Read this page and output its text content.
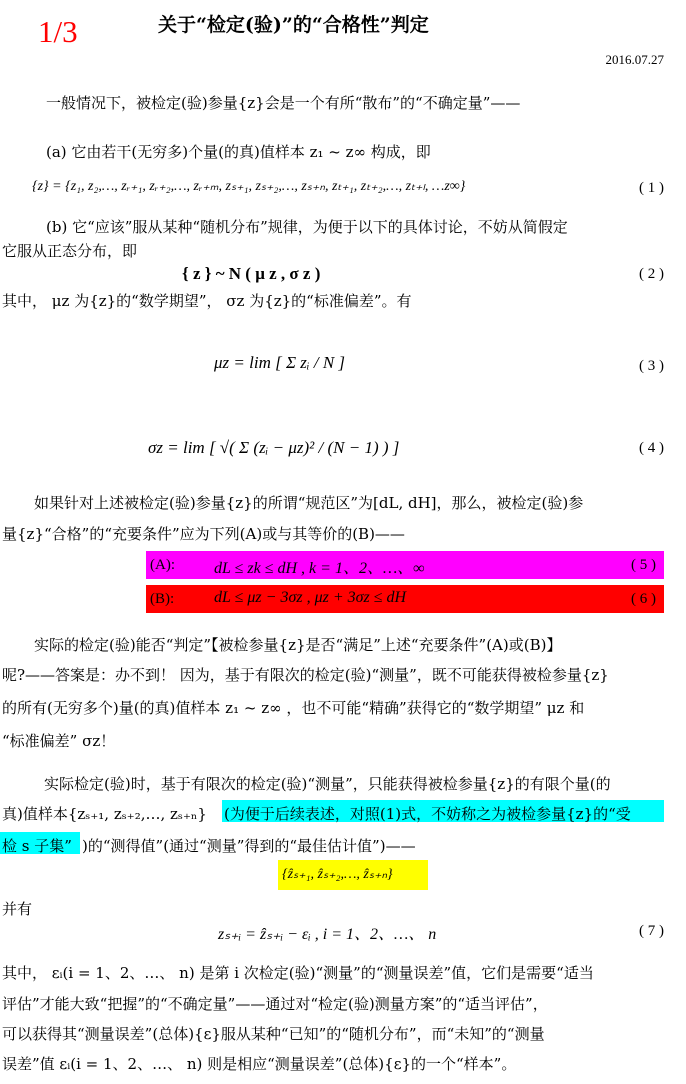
1/3	关于“检定(验)”的“合格性”判定
2016.07.27
一般情况下，被检定(验)参量{z}会是一个有所“散布”的“不确定量”——
(a) 它由若干(无穷多)个量(的真)值样本 z₁ ~ z∞ 构成，即
{z} = {z₁, z₂,…, zᵣ₊₁, zᵣ₊₂,…, zᵣ₊ₘ, zₛ₊₁, zₛ₊₂,…, zₛ₊ₙ, zₜ₊₁, zₜ₊₂,…, zₜ₊ₗ, …z∞}	( 1 )
(b) 它“应该”服从某种“随机分布”规律，为便于以下的具体讨论，不妨从简假定
它服从正态分布，即
{ z } ~ N ( μ z , σ z )	( 2 )
其中， μz 为{z}的“数学期望”， σz 为{z}的“标准偏差”。有
μz = lim [ Σ zᵢ / N ]	( 3 )
σz = lim [ √( Σ (zᵢ − μz)² / (N − 1) ) ]	( 4 )
如果针对上述被检定(验)参量{z}的所谓“规范区”为[dL, dH]，那么，被检定(验)参
量{z}“合格”的“充要条件”应为下列(A)或与其等价的(B)——
(A): dL ≤ zk ≤ dH , k = 1、2、…、∞	( 5 )
(B): dL ≤ μz − 3σz , μz + 3σz ≤ dH	( 6 )
实际的检定(验)能否“判定”【被检参量{z}是否“满足”上述“充要条件”(A)或(B)】
呢?——答案是：办不到！ 因为，基于有限次的检定(验)“测量”，既不可能获得被检参量{z}
的所有(无穷多个)量(的真)值样本 z₁ ~ z∞ ，也不可能“精确”获得它的“数学期望” μz 和
“标准偏差” σz！
实际检定(验)时，基于有限次的检定(验)“测量”，只能获得被检参量{z}的有限个量(的
真)值样本{zₛ₊₁, zₛ₊₂,…, zₛ₊ₙ} (为便于后续表述，对照(1)式，不妨称之为被检参量{z}的“受
检 s 子集” )的“测得值”(通过“测量”得到的“最佳估计值”)——
{ẑₛ₊₁, ẑₛ₊₂,…, ẑₛ₊ₙ}
并有
zₛ₊ᵢ = ẑₛ₊ᵢ − εᵢ , i = 1、2、…、 n	( 7 )
其中， εᵢ(i = 1、2、…、 n) 是第 i 次检定(验)“测量”的“测量误差”值，它们是需要“适当
评估”才能大致“把握”的“不确定量”——通过对“检定(验)测量方案”的“适当评估”，
可以获得其“测量误差”(总体){ε}服从某种“已知”的“随机分布”，而“未知”的“测量
误差”值 εᵢ(i = 1、2、…、 n) 则是相应“测量误差”(总体){ε}的一个“样本”。
